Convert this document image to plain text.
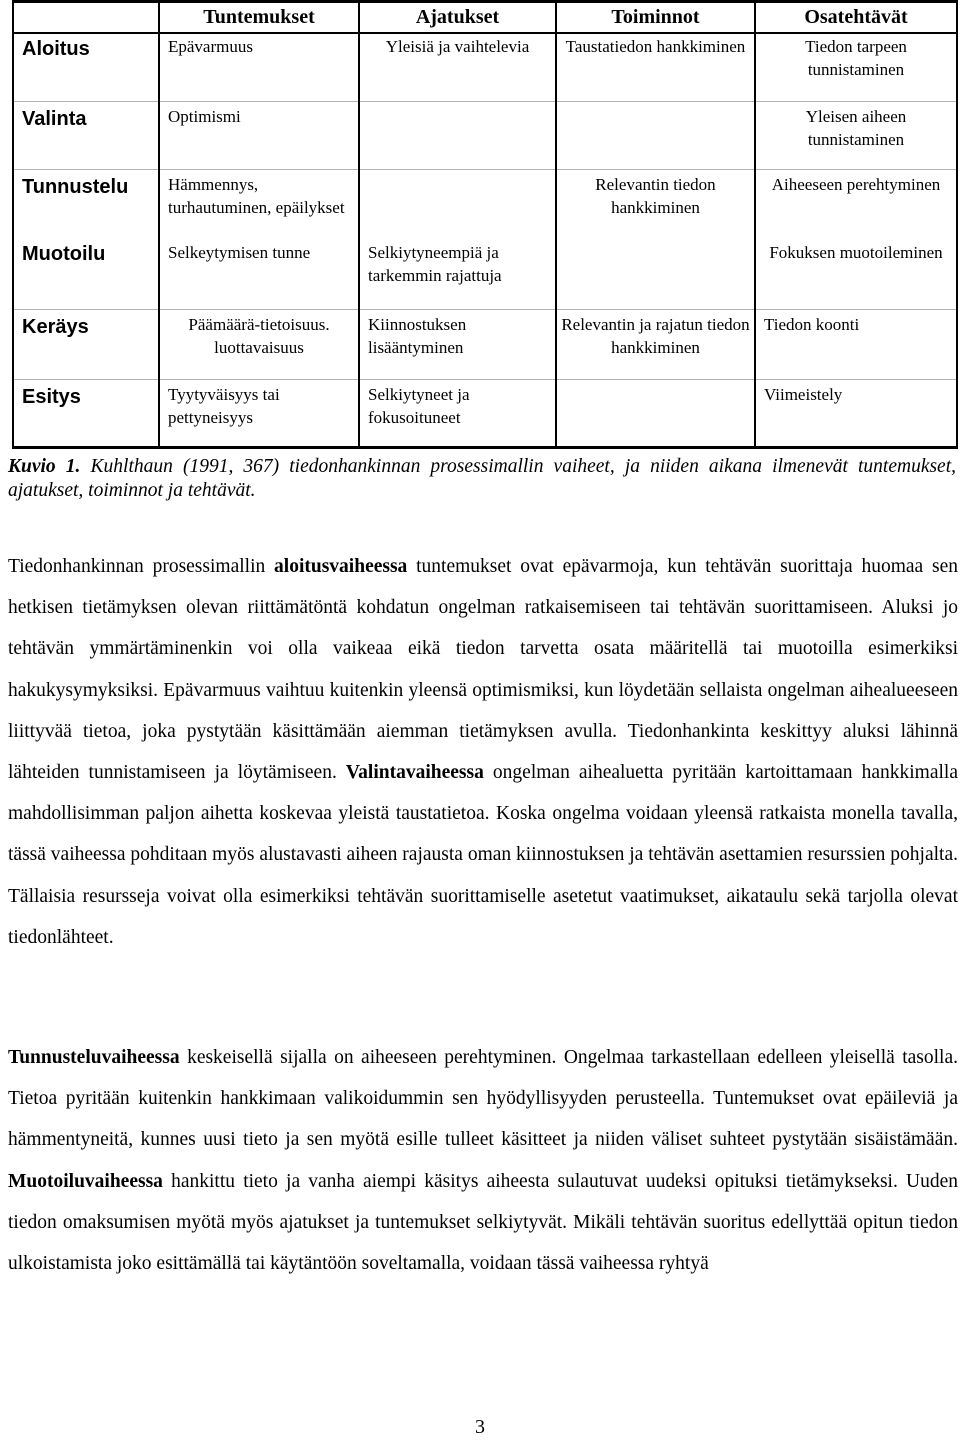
	Tuntemukset	Ajatukset	Toiminnot	Osatehtävät
Aloitus	Epävarmuus	Yleisiä ja vaihtelevia	Taustatiedon hankkiminen	Tiedon tarpeen tunnistaminen
Valinta	Optimismi			Yleisen aiheen tunnistaminen
Tunnustelu	Hämmennys, turhautuminen, epäilykset		Relevantin tiedon hankkiminen	Aiheeseen perehtyminen
Muotoilu	Selkeytymisen tunne	Selkiytyneempiä ja tarkemmin rajattuja		Fokuksen muotoileminen
Keräys	Päämäärä-tietoisuus. luottavaisuus	Kiinnostuksen lisääntyminen	Relevantin ja rajatun tiedon hankkiminen	Tiedon koonti
Esitys	Tyytyväisyys tai pettyneisyys	Selkiytyneet ja fokusoituneet		Viimeistely
Kuvio 1. Kuhlthaun (1991, 367) tiedonhankinnan prosessimallin vaiheet, ja niiden aikana ilmenevät tuntemukset, ajatukset, toiminnot ja tehtävät.

Tiedonhankinnan prosessimallin aloitusvaiheessa tuntemukset ovat epävarmoja, kun tehtävän suorittaja huomaa sen hetkisen tietämyksen olevan riittämätöntä kohdatun ongelman ratkaisemiseen tai tehtävän suorittamiseen. Aluksi jo tehtävän ymmärtäminenkin voi olla vaikeaa eikä tiedon tarvetta osata määritellä tai muotoilla esimerkiksi hakukysymyksiksi. Epävarmuus vaihtuu kuitenkin yleensä optimismiksi, kun löydetään sellaista ongelman aihealueeseen liittyvää tietoa, joka pystytään käsittämään aiemman tietämyksen avulla. Tiedonhankinta keskittyy aluksi lähinnä lähteiden tunnistamiseen ja löytämiseen. Valintavaiheessa ongelman aihealuetta pyritään kartoittamaan hankkimalla mahdollisimman paljon aihetta koskevaa yleistä taustatietoa. Koska ongelma voidaan yleensä ratkaista monella tavalla, tässä vaiheessa pohditaan myös alustavasti aiheen rajausta oman kiinnostuksen ja tehtävän asettamien resurssien pohjalta. Tällaisia resursseja voivat olla esimerkiksi tehtävän suorittamiselle asetetut vaatimukset, aikataulu sekä tarjolla olevat tiedonlähteet.

Tunnusteluvaiheessa keskeisellä sijalla on aiheeseen perehtyminen. Ongelmaa tarkastellaan edelleen yleisellä tasolla. Tietoa pyritään kuitenkin hankkimaan valikoidummin sen hyödyllisyyden perusteella. Tuntemukset ovat epäileviä ja hämmentyneitä, kunnes uusi tieto ja sen myötä esille tulleet käsitteet ja niiden väliset suhteet pystytään sisäistämään. Muotoiluvaiheessa hankittu tieto ja vanha aiempi käsitys aiheesta sulautuvat uudeksi opituksi tietämykseksi. Uuden tiedon omaksumisen myötä myös ajatukset ja tuntemukset selkiytyvät. Mikäli tehtävän suoritus edellyttää opitun tiedon ulkoistamista joko esittämällä tai käytäntöön soveltamalla, voidaan tässä vaiheessa ryhtyä

3
